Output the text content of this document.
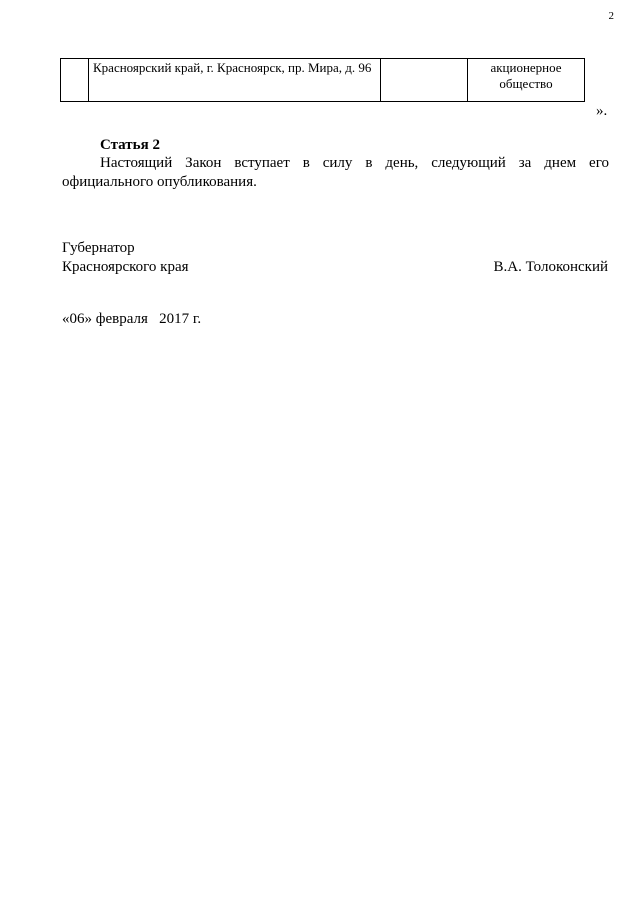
2
	Красноярский край, г. Красноярск, пр. Мира, д. 96		акционерное общество
».
Статья 2
Настоящий Закон вступает в силу в день, следующий за днем его
официального опубликования.
Губернатор
Красноярского края	В.А. Толоконский
«06» февраля   2017 г.
